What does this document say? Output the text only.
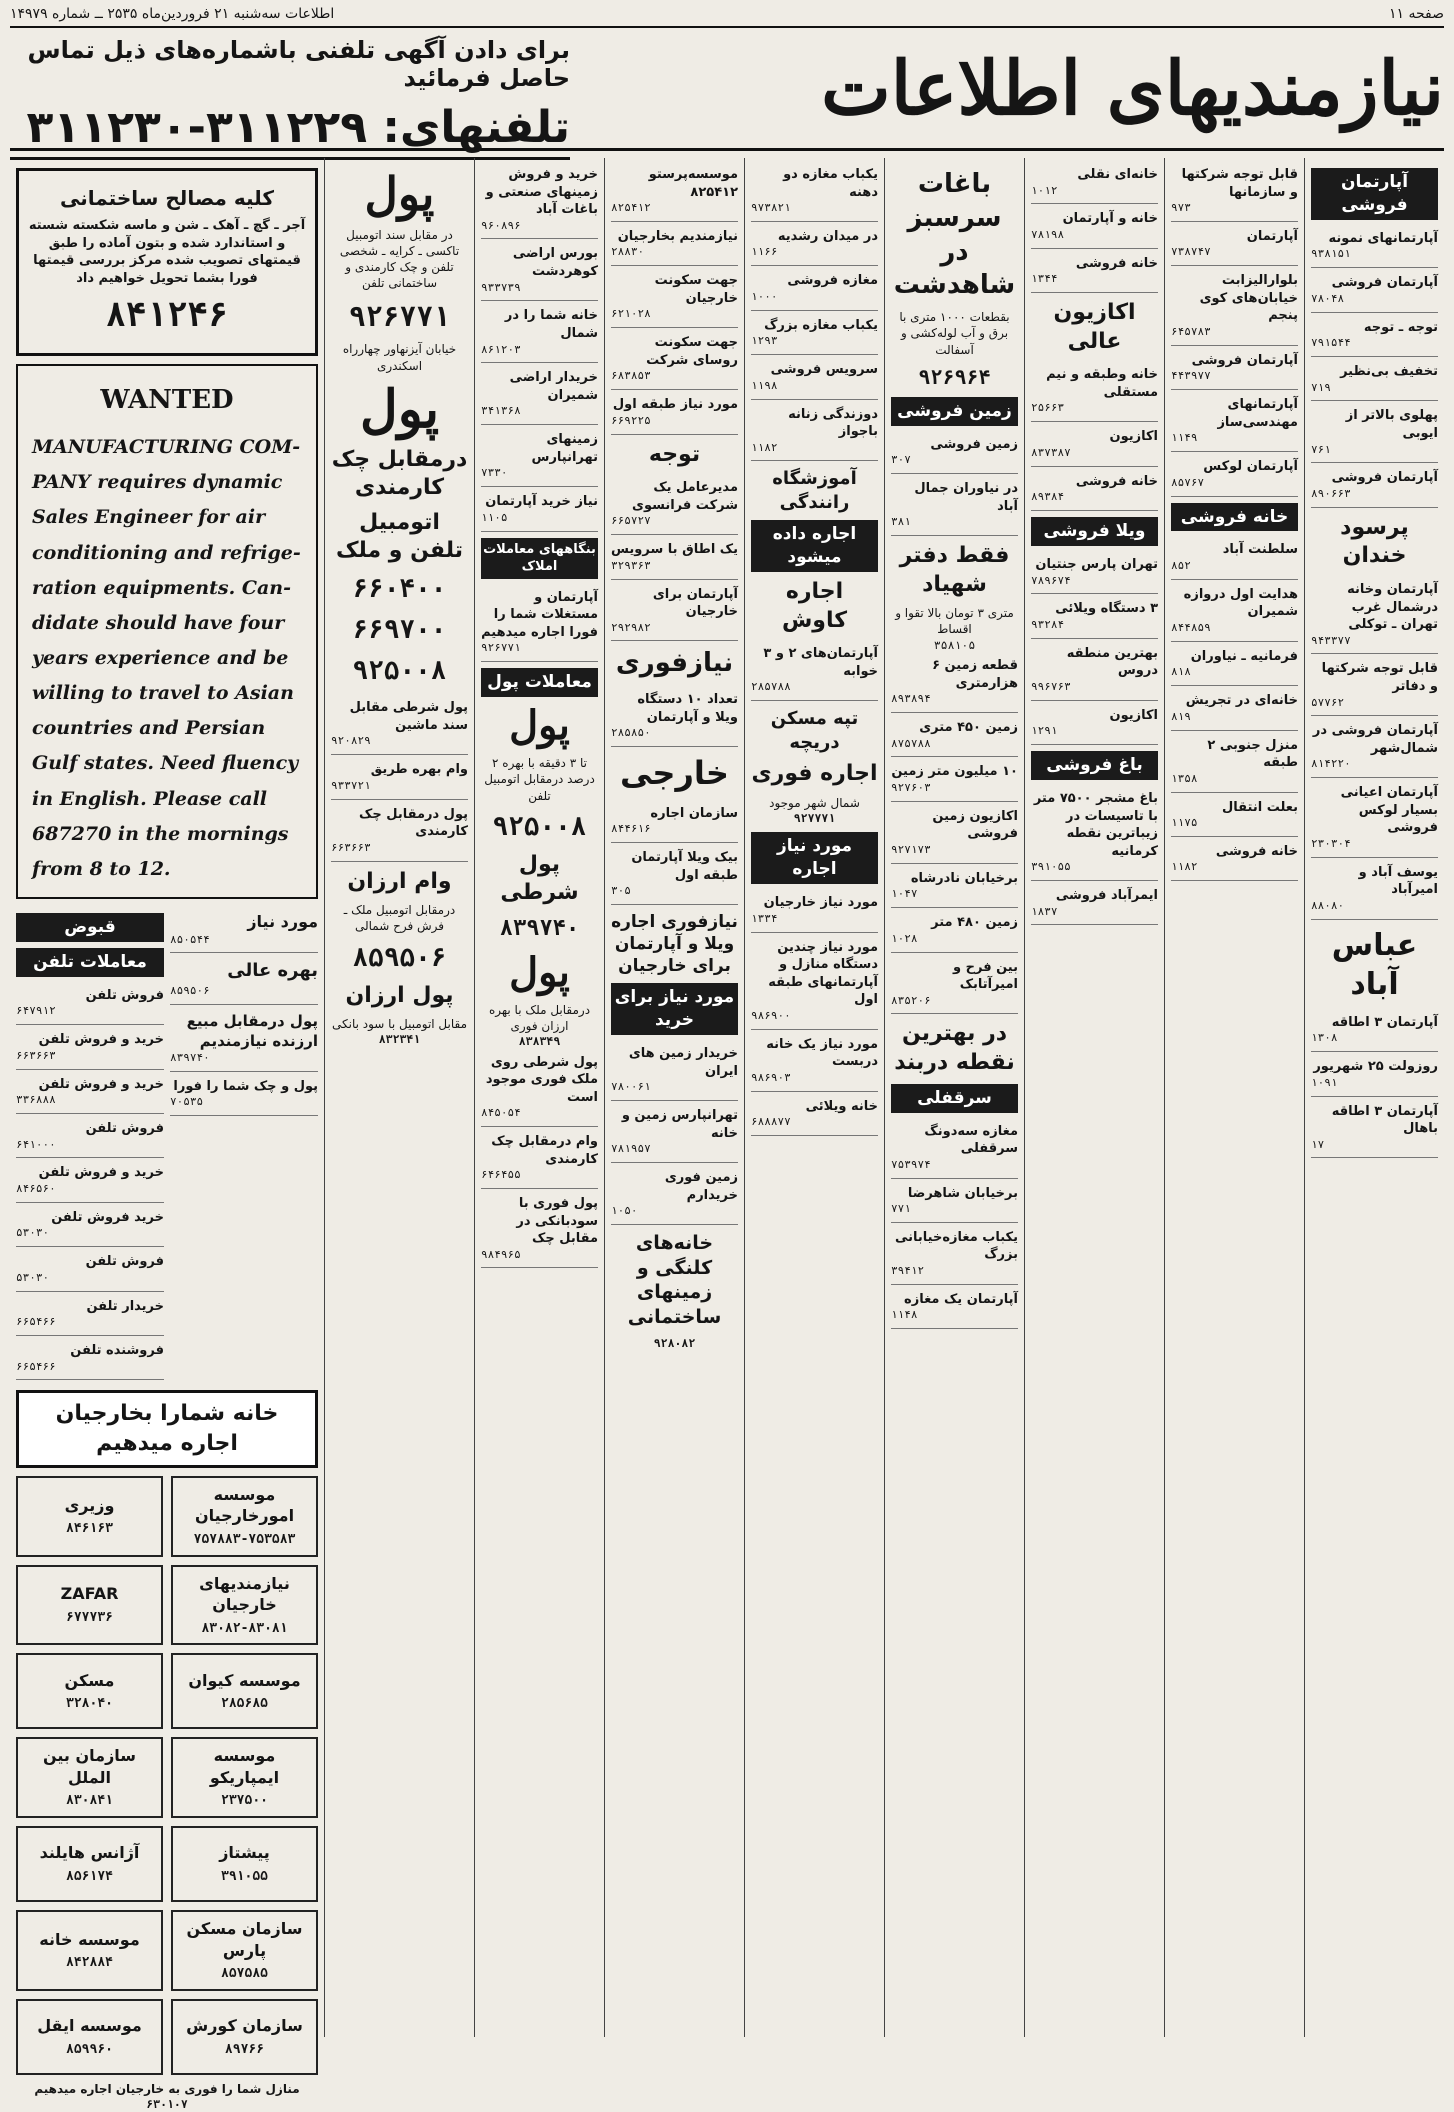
صفحه ۱۱
اطلاعات سه‌شنبه ۲۱ فروردین‌ماه ۲۵۳۵ ــ شماره ۱۴۹۷۹
نیازمندیهای اطلاعات
برای دادن آگهی تلفنی باشماره‌های ذیل تماس حاصل فرمائید
تلفنهای: ۳۱۱۲۲۹-۳۱۱۲۳۰
آپارتمان فروشی
آپارتمانهای نمونه
۹۳۸۱۵۱
آپارتمان فروشی
۷۸۰۴۸
توجه ـ توجه
۷۹۱۵۴۴
تخفیف بی‌نظیر
۷۱۹
پهلوی بالاتر از ایوبی
۷۶۱
آپارتمان فروشی
۸۹۰۶۶۳
پرسود خندان
آپارتمان وخانه درشمال غرب تهران ـ توکلی
۹۴۳۳۷۷
قابل توجه شرکتها و دفاتر
۵۷۷۶۲
آپارتمان فروشی در شمال‌شهر
۸۱۴۲۲۰
آپارتمان اعیانی بسیار لوکس فروشی
۲۳۰۳۰۴
یوسف آباد و امیرآباد
۸۸۰۸۰
عباس آباد
آپارتمان ۳ اطاقه
۱۳۰۸
روزولت ۲۵ شهریور
۱۰۹۱
آپارتمان ۳ اطاقه باهال
۱۷
قابل توجه شرکتها و سازمانها
۹۷۳
آپارتمان
۷۳۸۷۴۷
بلوارالیزابت خیابان‌های کوی پنجم
۶۴۵۷۸۳
آپارتمان فروشی
۴۴۳۹۷۷
آپارتمانهای مهندسی‌ساز
۱۱۴۹
آپارتمان لوکس
۸۵۷۶۷
خانه فروشی
سلطنت آباد
۸۵۲
هدایت اول دروازه شمیران
۸۴۴۸۵۹
فرمانیه ـ نیاوران
۸۱۸
خانه‌ای در تجریش
۸۱۹
منزل جنوبی ۲ طبقه
۱۳۵۸
بعلت انتقال
۱۱۷۵
خانه فروشی
۱۱۸۲
خانه‌ای نقلی
۱۰۱۲
خانه و آپارتمان
۷۸۱۹۸
خانه فروشی
۱۳۴۴
اکازیون عالی
خانه وطبقه و نیم مستقلی
۲۵۶۶۳
اکازیون
۸۳۷۳۸۷
خانه فروشی
۸۹۳۸۴
ویلا فروشی
تهران پارس جنتیان
۷۸۹۶۷۴
۳ دستگاه ویلائی
۹۳۲۸۴
بهترین منطقه دروس
۹۹۶۷۶۳
اکازیون
۱۲۹۱
باغ فروشی
باغ مشجر ۷۵۰۰ متر با تاسیسات در زیباترین نقطه کرمانیه
۳۹۱۰۵۵
ایمرآباد فروشی
۱۸۳۷
باغات سرسبز در شاهدشت
بقطعات ۱۰۰۰ متری با برق و آب لوله‌کشی و آسفالت
۹۲۶۹۶۴
زمین فروشی
زمین فروشی
۳۰۷
در نیاوران جمال آباد
۳۸۱
فقط دفتر شهیاد
متری ۳ تومان بالا تقوا و اقساط
۳۵۸۱۰۵
قطعه زمین ۶ هزارمتری
۸۹۳۸۹۴
زمین ۴۵۰ متری
۸۷۵۷۸۸
۱۰ میلیون متر زمین
۹۲۷۶۰۳
اکازیون زمین فروشی
۹۲۷۱۷۳
برخیابان نادرشاه
۱۰۴۷
زمین ۴۸۰ متر
۱۰۲۸
بین فرح و امیرآتابک
۸۳۵۲۰۶
در بهترین نقطه دربند
سرقفلی
مغازه سه‌دونگ سرقفلی
۷۵۳۹۷۴
برخیابان شاهرضا
۷۷۱
یکباب مغازه‌خیابانی بزرگ
۳۹۴۱۲
آپارتمان یک مغازه
۱۱۴۸
یکباب مغازه دو دهنه
۹۷۳۸۲۱
در میدان رشدیه
۱۱۶۶
مغازه فروشی
۱۰۰۰
یکباب مغازه بزرگ
۱۲۹۳
سرویس فروشی
۱۱۹۸
دوزندگی زنانه باجواز
۱۱۸۲
آموزشگاه رانندگی
اجاره داده میشود
اجاره کاوش
آپارتمان‌های ۲ و ۳ خوابه
۲۸۵۷۸۸
تپه مسکن دریچه
اجاره فوری
شمال شهر موجود
۹۲۷۷۷۱
مورد نیاز اجاره
مورد نیاز خارجیان
۱۳۳۴
مورد نیاز چندین دستگاه منازل و آپارتمانهای طبقه اول
۹۸۶۹۰۰
مورد نیاز یک خانه دربست
۹۸۶۹۰۳
خانه ویلائی
۶۸۸۸۷۷
موسسه‌پرستو ۸۲۵۴۱۲
۸۲۵۴۱۲
نیازمندیم بخارجیان
۲۸۸۳۰
جهت سکونت خارجیان
۶۲۱۰۲۸
جهت سکونت روسای شرکت
۶۸۳۸۵۳
مورد نیاز طبقه اول
۶۶۹۲۲۵
توجه
مدیرعامل یک شرکت فرانسوی
۶۶۵۷۲۷
یک اطاق با سرویس
۳۲۹۳۶۳
آپارتمان برای خارجیان
۲۹۲۹۸۲
نیازفوری
تعداد ۱۰ دستگاه ویلا و آپارتمان
۲۸۵۸۵۰
خارجی
سازمان اجاره
۸۴۴۶۱۶
بیک ویلا آپارتمان طبقه اول
۳۰۵
نیازفوری اجاره ویلا و آپارتمان برای خارجیان
مورد نیاز برای خرید
خریدار زمین های ایران
۷۸۰۰۶۱
تهرانپارس زمین و خانه
۷۸۱۹۵۷
زمین فوری خریدارم
۱۰۵۰
خانه‌های کلنگی و زمینهای ساختمانی
۹۲۸۰۸۲
خرید و فروش زمینهای صنعتی و باغات آباد
۹۶۰۸۹۶
بورس اراضی کوهردشت
۹۳۳۷۳۹
خانه شما را در شمال
۸۶۱۲۰۳
خریدار اراضی شمیران
۳۴۱۳۶۸
زمینهای تهرانپارس
۷۳۳۰
نیاز خرید آپارتمان
۱۱۰۵
بنگاههای معاملات املاک
آپارتمان و مستغلات شما را فورا اجاره میدهیم
۹۲۶۷۷۱
معاملات پول
پول
تا ۳ دقیقه با بهره ۲ درصد درمقابل اتومبیل تلفن
۹۲۵۰۰۸
پول شرطی
۸۳۹۷۴۰
پول
درمقابل ملک با بهره ارزان فوری
۸۳۸۳۴۹
پول شرطی روی ملک فوری موجود است
۸۴۵۰۵۴
وام درمقابل چک کارمندی
۶۴۶۴۵۵
پول فوری با سودبانکی در مقابل چک
۹۸۴۹۶۵
پول
در مقابل سند اتومبیل تاکسی ـ کرایه ـ شخصی تلفن و چک کارمندی و ساختمانی تلفن
۹۲۶۷۷۱
خیابان آیزنهاور چهارراه اسکندری
پول
درمقابل چک کارمندی
اتومبیل تلفن و ملک
۶۶۰۴۰۰
۶۶۹۷۰۰
۹۲۵۰۰۸
پول شرطی مقابل سند ماشین
۹۲۰۸۲۹
وام بهره طریق
۹۳۳۷۲۱
پول درمقابل چک کارمندی
۶۶۳۶۶۳
وام ارزان
درمقابل اتومبیل ملک ـ فرش فرح شمالی
۸۵۹۵۰۶
پول ارزان
مقابل اتومبیل با سود بانکی
۸۳۲۳۴۱
کلیه مصالح ساختمانی
آجر ـ گچ ـ آهک ـ شن و ماسه شکسته شسته و استاندارد شده و بتون آماده را طبق قیمتهای تصویب شده مرکز بررسی قیمتها فورا بشما تحویل خواهیم داد
۸۴۱۲۴۶
WANTED
MANUFACTURING COM-
PANY requires dynamic
Sales Engineer for air
conditioning and refrige-
ration equipments. Can-
didate should have four
years experience and be
willing to travel to Asian
countries and Persian
Gulf states. Need fluency
in English. Please call
687270 in the mornings
from 8 to 12.
قبوض
معاملات تلفن
فروش تلفن
۶۴۷۹۱۲
خرید و فروش تلفن
۶۶۳۶۶۳
خرید و فروش تلفن
۳۳۶۸۸۸
فروش تلفن
۶۴۱۰۰۰
خرید و فروش تلفن
۸۴۶۵۶۰
خرید فروش تلفن
۵۳۰۳۰
فروش تلفن
۵۳۰۳۰
خریدار تلفن
۶۶۵۴۶۶
فروشنده تلفن
۶۶۵۴۶۶
مورد نیاز
۸۵۰۵۴۴
بهره عالی
۸۵۹۵۰۶
پول درمقابل مبیع ارزنده نیازمندیم
۸۳۹۷۴۰
پول و چک شما را فورا
۷۰۵۳۵
خانه شمارا بخارجیان اجاره میدهیم
موسسه امورخارجیان
۷۵۷۸۸۳-۷۵۳۵۸۳
وزیری
۸۴۶۱۶۳
نیازمندیهای خارجیان
۸۳۰۸۲-۸۳۰۸۱
ZAFAR
۶۷۷۷۳۶
موسسه کیوان
۲۸۵۶۸۵
مسکن
۳۲۸۰۴۰
موسسه ایمپاریکو
۲۳۷۵۰۰
سازمان بین الملل
۸۳۰۸۴۱
پیشتاز
۳۹۱۰۵۵
آژانس هایلند
۸۵۶۱۷۴
سازمان مسکن پارس
۸۵۷۵۸۵
موسسه خانه
۸۴۲۸۸۴
سازمان کورش
۸۹۷۶۶
موسسه ایقل
۸۵۹۹۶۰
منازل شما را فوری به خارجیان اجاره میدهیم
۶۳۰۱۰۷
